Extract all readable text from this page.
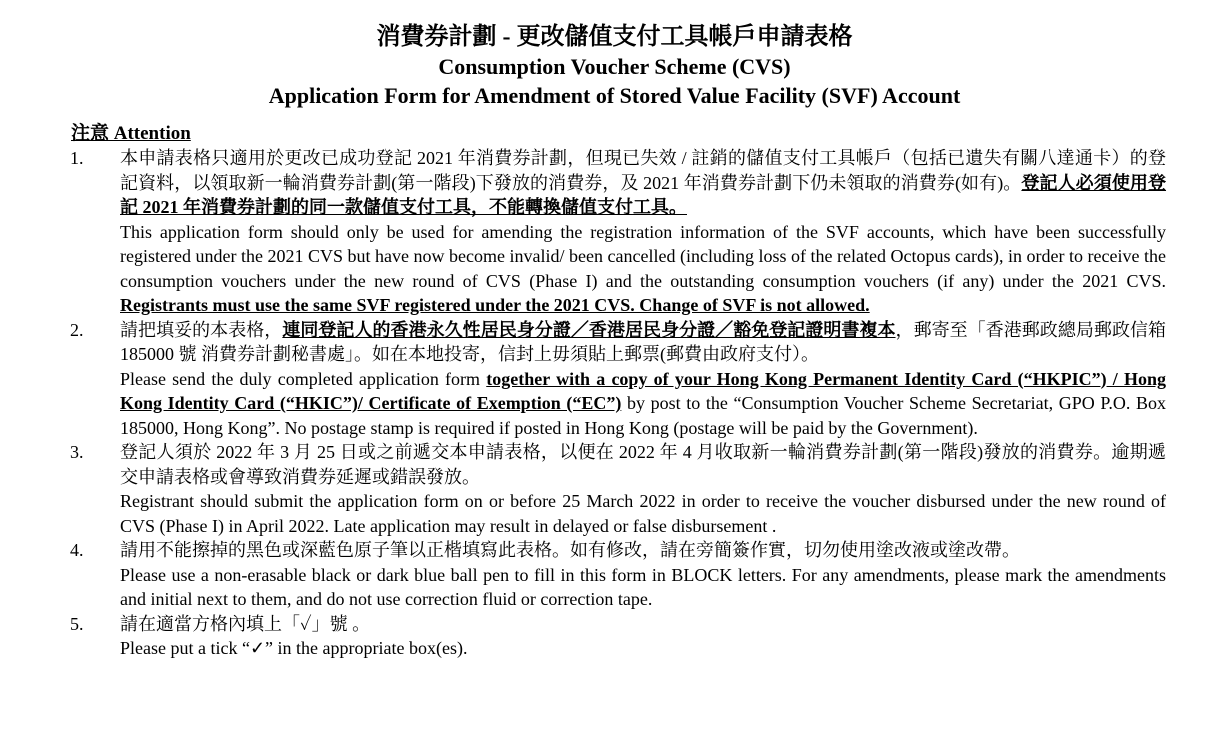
消費券計劃 - 更改儲值支付工具帳戶申請表格
Consumption Voucher Scheme (CVS)
Application Form for Amendment of Stored Value Facility (SVF) Account
注意 Attention
1. 本申請表格只適用於更改已成功登記 2021 年消費券計劃，但現已失效 / 註銷的儲值支付工具帳戶（包括已遺失有關八達通卡）的登記資料，以領取新一輪消費券計劃(第一階段)下發放的消費券，及 2021 年消費券計劃下仍未領取的消費券(如有)。登記人必須使用登記 2021 年消費券計劃的同一款儲值支付工具，不能轉換儲值支付工具。

This application form should only be used for amending the registration information of the SVF accounts, which have been successfully registered under the 2021 CVS but have now become invalid/ been cancelled (including loss of the related Octopus cards), in order to receive the consumption vouchers under the new round of CVS (Phase I) and the outstanding consumption vouchers (if any) under the 2021 CVS. Registrants must use the same SVF registered under the 2021 CVS. Change of SVF is not allowed.

2. 請把填妥的本表格，連同登記人的香港永久性居民身分證／香港居民身分證／豁免登記證明書複本，郵寄至「香港郵政總局郵政信箱 185000 號 消費券計劃秘書處」。如在本地投寄，信封上毋須貼上郵票(郵費由政府支付）。

Please send the duly completed application form together with a copy of your Hong Kong Permanent Identity Card (“HKPIC”) / Hong Kong Identity Card (“HKIC”)/ Certificate of Exemption (“EC”) by post to the “Consumption Voucher Scheme Secretariat, GPO P.O. Box 185000, Hong Kong”. No postage stamp is required if posted in Hong Kong (postage will be paid by the Government).

3. 登記人須於 2022 年 3 月 25 日或之前遞交本申請表格，以便在 2022 年 4 月收取新一輪消費券計劃(第一階段)發放的消費券。逾期遞交申請表格或會導致消費券延遲或錯誤發放。

Registrant should submit the application form on or before 25 March 2022 in order to receive the voucher disbursed under the new round of CVS (Phase I) in April 2022. Late application may result in delayed or false disbursement .

4. 請用不能擦掉的黑色或深藍色原子筆以正楷填寫此表格。如有修改，請在旁簡簽作實，切勿使用塗改液或塗改帶。

Please use a non-erasable black or dark blue ball pen to fill in this form in BLOCK letters. For any amendments, please mark the amendments and initial next to them, and do not use correction fluid or correction tape.

5. 請在適當方格內填上「✓」號 。

Please put a tick “✓” in the appropriate box(es).
